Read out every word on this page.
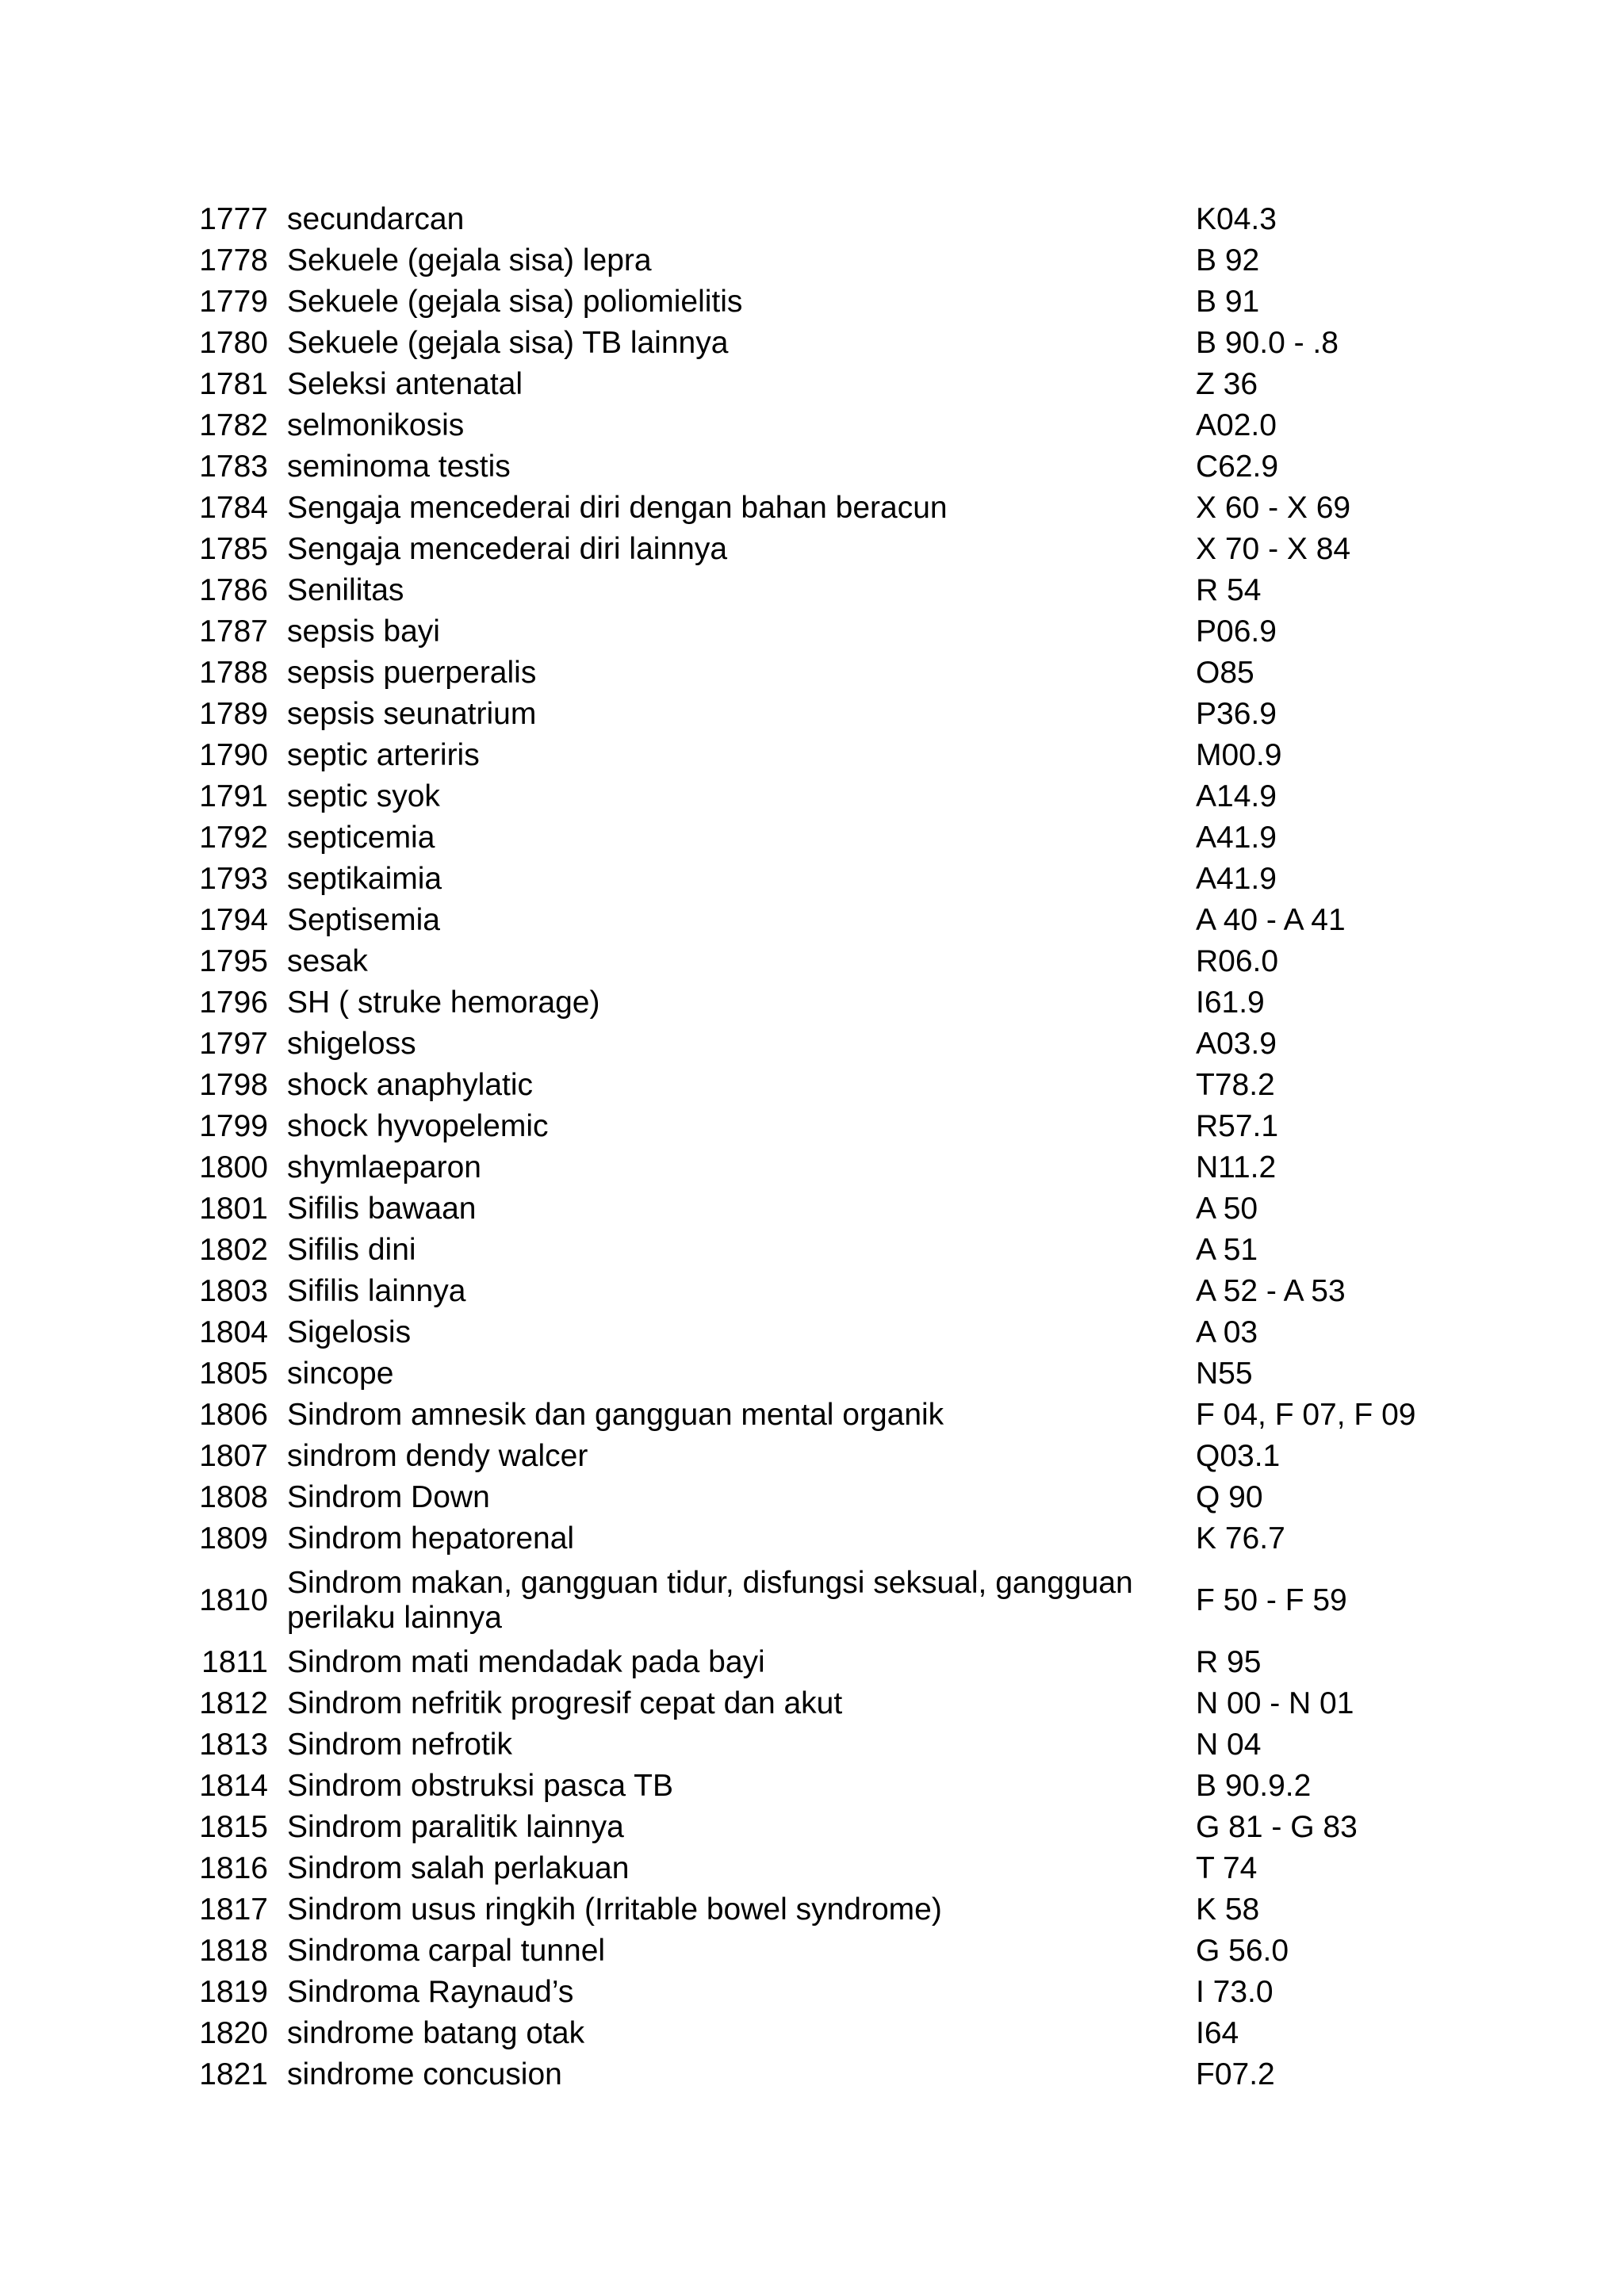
1777	secundarcan	K04.3
1778	Sekuele (gejala sisa) lepra	B 92
1779	Sekuele (gejala sisa) poliomielitis	B 91
1780	Sekuele (gejala sisa) TB lainnya	B 90.0 - .8
1781	Seleksi antenatal	Z 36
1782	selmonikosis	A02.0
1783	seminoma testis	C62.9
1784	Sengaja mencederai diri dengan bahan beracun	X 60 - X 69
1785	Sengaja mencederai diri lainnya	X 70 - X 84
1786	Senilitas	R 54
1787	sepsis bayi	P06.9
1788	sepsis puerperalis	O85
1789	sepsis seunatrium	P36.9
1790	septic arteriris	M00.9
1791	septic syok	A14.9
1792	septicemia	A41.9
1793	septikaimia	A41.9
1794	Septisemia	A 40 - A 41
1795	sesak	R06.0
1796	SH ( struke hemorage)	I61.9
1797	shigeloss	A03.9
1798	shock anaphylatic	T78.2
1799	shock hyvopelemic	R57.1
1800	shymlaeparon	N11.2
1801	Sifilis bawaan	A 50
1802	Sifilis dini	A 51
1803	Sifilis lainnya	A 52 - A 53
1804	Sigelosis	A 03
1805	sincope	N55
1806	Sindrom amnesik dan gangguan mental organik	F 04, F 07, F 09
1807	sindrom dendy walcer	Q03.1
1808	Sindrom Down	Q 90
1809	Sindrom hepatorenal	K 76.7
1810	Sindrom makan, gangguan tidur, disfungsi seksual, gangguan perilaku lainnya	F 50 - F 59
1811	Sindrom mati mendadak pada bayi	R 95
1812	Sindrom nefritik progresif cepat dan akut	N 00 - N 01
1813	Sindrom nefrotik	N 04
1814	Sindrom obstruksi pasca TB	B 90.9.2
1815	Sindrom paralitik lainnya	G 81 - G 83
1816	Sindrom salah perlakuan	T 74
1817	Sindrom usus ringkih (Irritable bowel syndrome)	K 58
1818	Sindroma carpal tunnel	G 56.0
1819	Sindroma Raynaud’s	I 73.0
1820	sindrome batang otak	I64
1821	sindrome concusion	F07.2
